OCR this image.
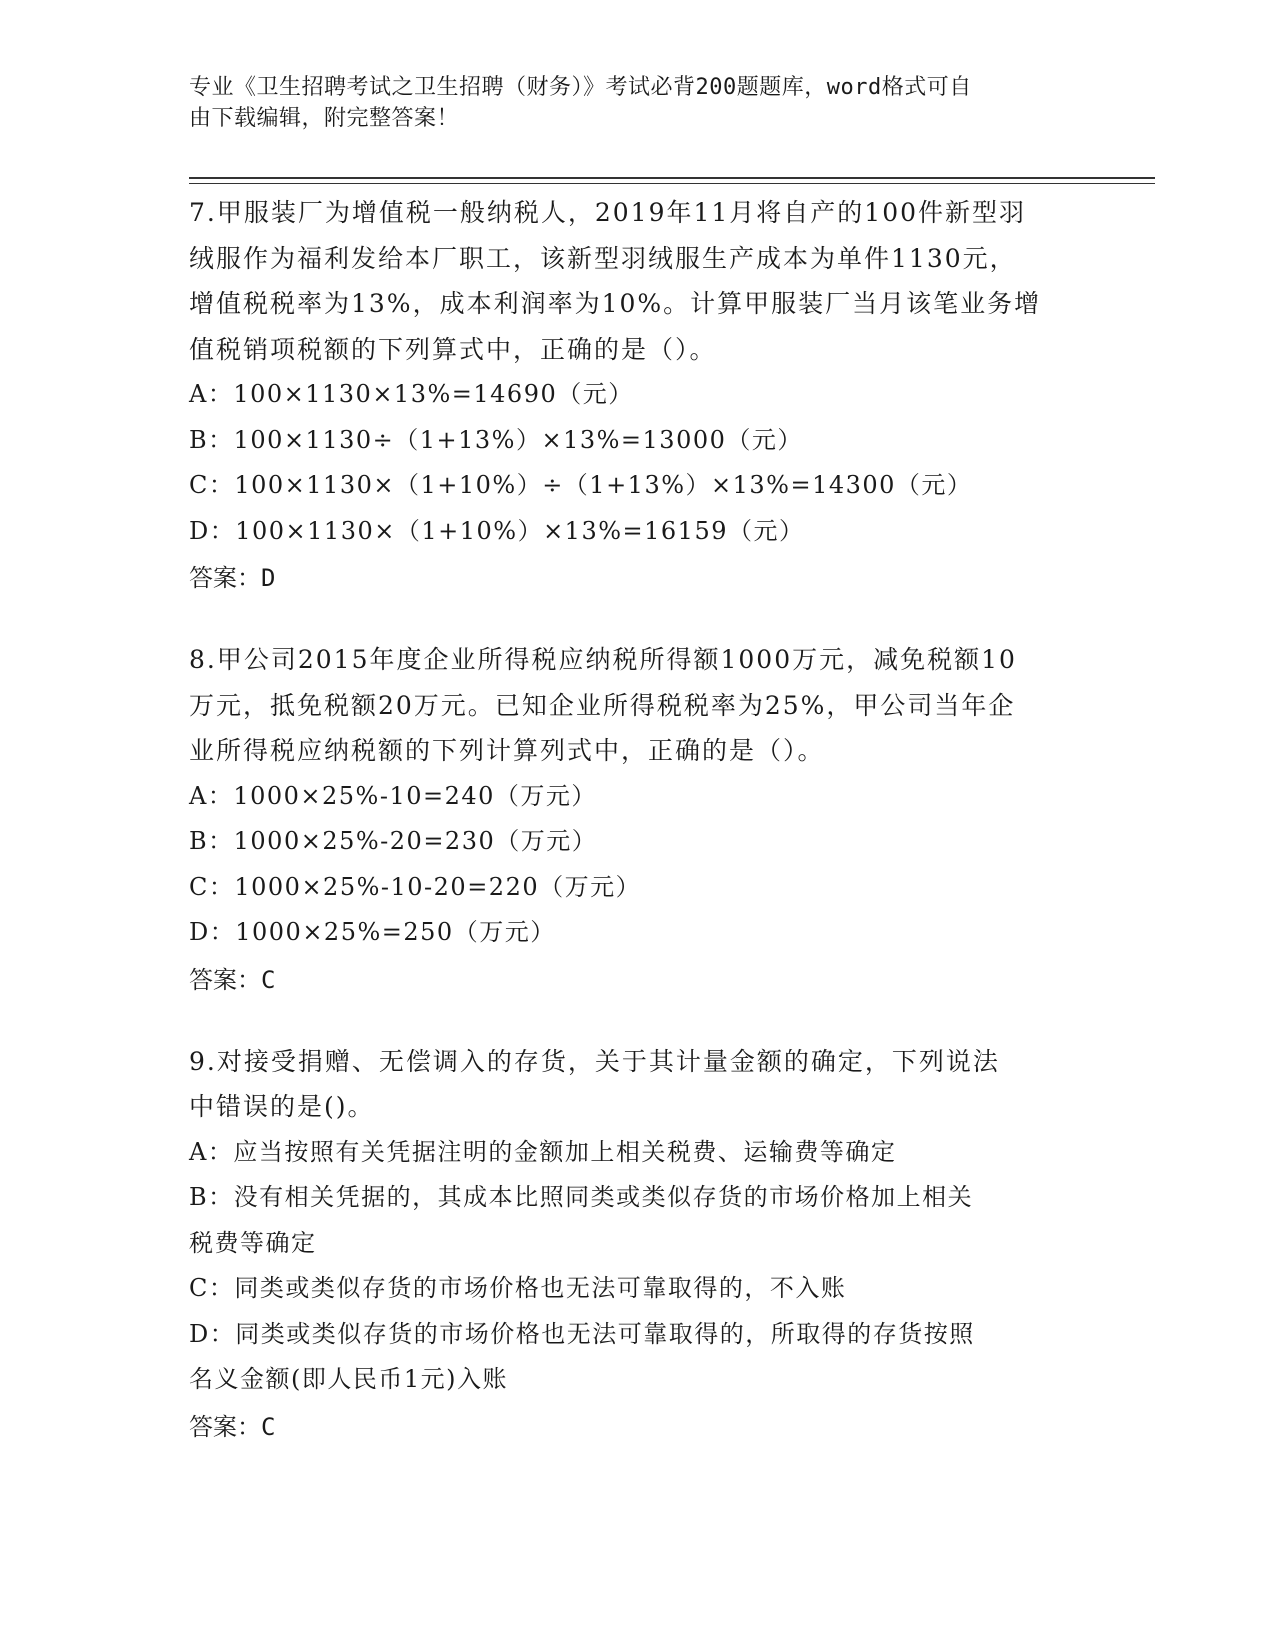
专业《卫生招聘考试之卫生招聘（财务）》考试必背200题题库，word格式可自
由下载编辑，附完整答案！
7.甲服装厂为增值税一般纳税人，2019年11月将自产的100件新型羽
绒服作为福利发给本厂职工，该新型羽绒服生产成本为单件1130元，
增值税税率为13%，成本利润率为10%。计算甲服装厂当月该笔业务增
值税销项税额的下列算式中，正确的是（）。
A：100×1130×13%=14690（元）
B：100×1130÷（1+13%）×13%=13000（元）
C：100×1130×（1+10%）÷（1+13%）×13%=14300（元）
D：100×1130×（1+10%）×13%=16159（元）
答案：D
8.甲公司2015年度企业所得税应纳税所得额1000万元，减免税额10
万元，抵免税额20万元。已知企业所得税税率为25%，甲公司当年企
业所得税应纳税额的下列计算列式中，正确的是（）。
A：1000×25%-10=240（万元）
B：1000×25%-20=230（万元）
C：1000×25%-10-20=220（万元）
D：1000×25%=250（万元）
答案：C
9.对接受捐赠、无偿调入的存货，关于其计量金额的确定，下列说法
中错误的是()。
A：应当按照有关凭据注明的金额加上相关税费、运输费等确定
B：没有相关凭据的，其成本比照同类或类似存货的市场价格加上相关
税费等确定
C：同类或类似存货的市场价格也无法可靠取得的，不入账
D：同类或类似存货的市场价格也无法可靠取得的，所取得的存货按照
名义金额(即人民币1元)入账
答案：C
